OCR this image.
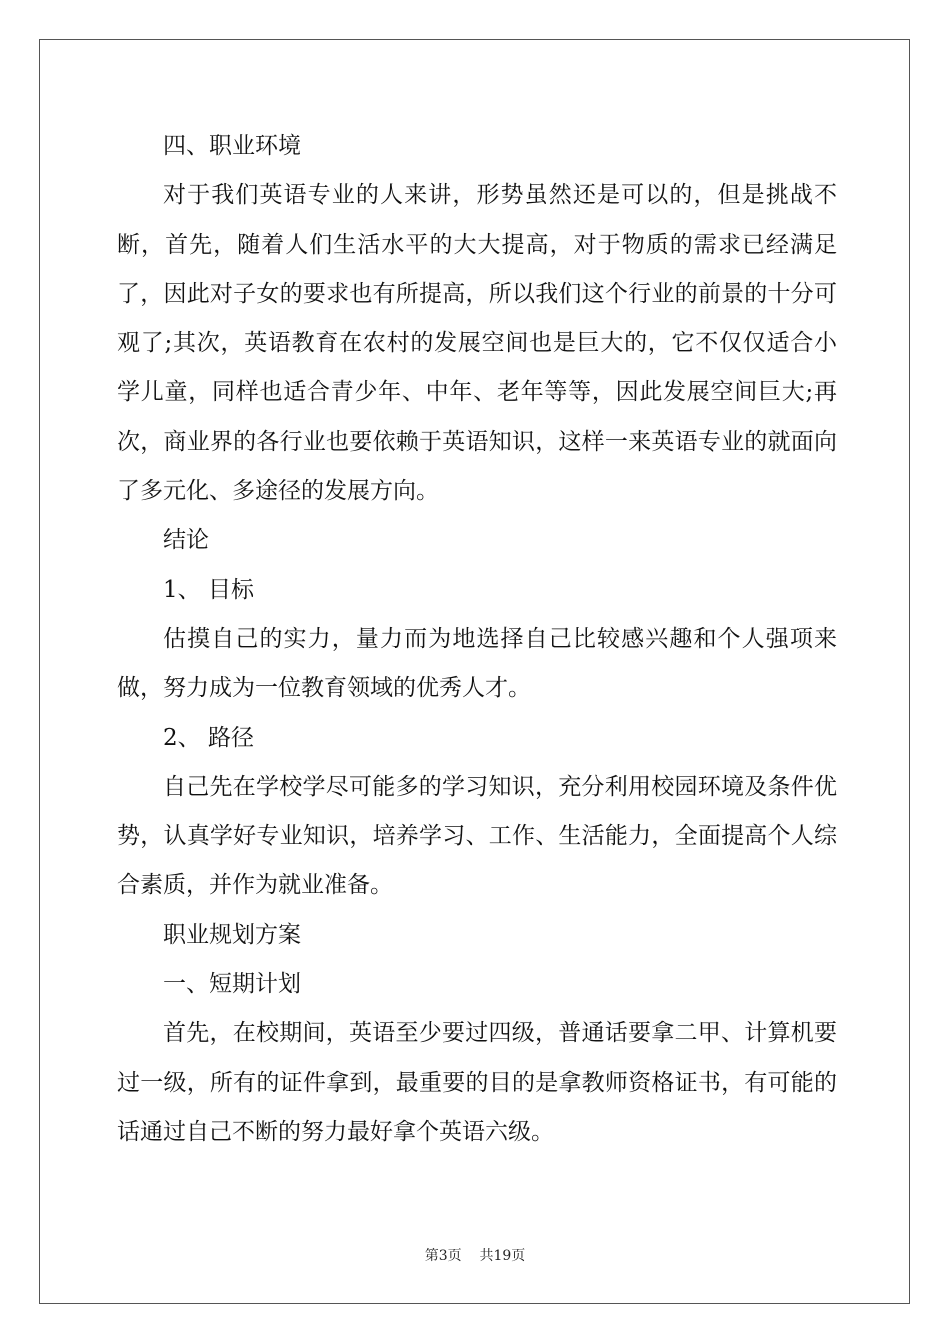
四、职业环境

对于我们英语专业的人来讲，形势虽然还是可以的，但是挑战不断，首先，随着人们生活水平的大大提高，对于物质的需求已经满足了，因此对子女的要求也有所提高，所以我们这个行业的前景的十分可观了;其次，英语教育在农村的发展空间也是巨大的，它不仅仅适合小学儿童，同样也适合青少年、中年、老年等等，因此发展空间巨大;再次，商业界的各行业也要依赖于英语知识，这样一来英语专业的就面向了多元化、多途径的发展方向。

结论

1、 目标

估摸自己的实力，量力而为地选择自己比较感兴趣和个人强项来做，努力成为一位教育领域的优秀人才。

2、 路径

自己先在学校学尽可能多的学习知识，充分利用校园环境及条件优势，认真学好专业知识，培养学习、工作、生活能力，全面提高个人综合素质，并作为就业准备。

职业规划方案

一、短期计划

首先，在校期间，英语至少要过四级，普通话要拿二甲、计算机要过一级，所有的证件拿到，最重要的目的是拿教师资格证书，有可能的话通过自己不断的努力最好拿个英语六级。

第3页 共19页
